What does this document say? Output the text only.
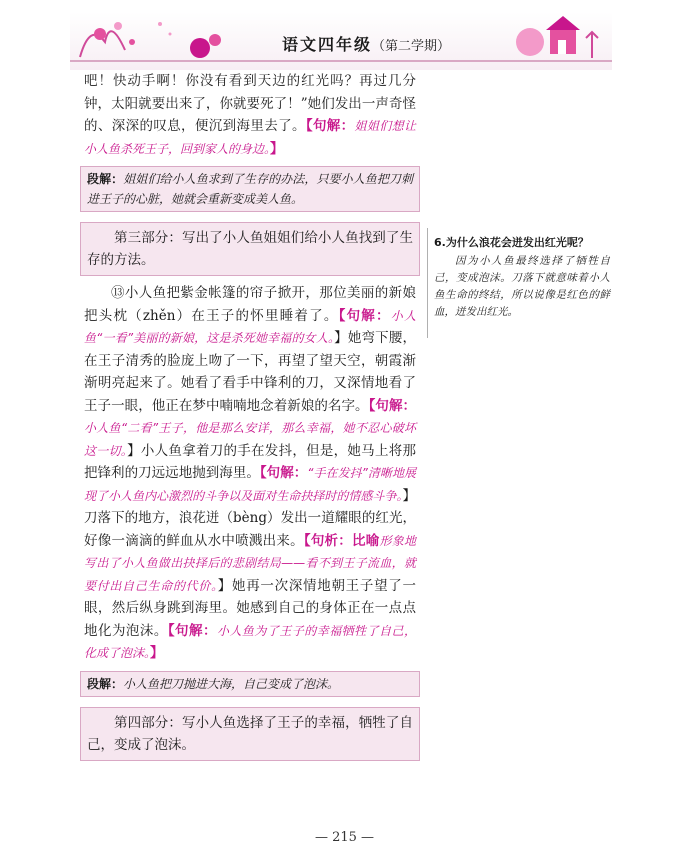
语文四年级（第二学期）

吧！快动手啊！你没有看到天边的红光吗？再过几分钟，太阳就要出来了，你就要死了！”她们发出一声奇怪的、深深的叹息，便沉到海里去了。【句解：姐姐们想让小人鱼杀死王子，回到家人的身边。】

段解：姐姐们给小人鱼求到了生存的办法，只要小人鱼把刀刺进王子的心脏，她就会重新变成美人鱼。
第三部分：写出了小人鱼姐姐们给小人鱼找到了生存的方法。

⑬小人鱼把紫金帐篷的帘子掀开，那位美丽的新娘把头枕（zhěn）在王子的怀里睡着了。【句解：小人鱼“一看”美丽的新娘，这是杀死她幸福的女人。】她弯下腰，在王子清秀的脸庞上吻了一下，再望了望天空，朝霞渐渐明亮起来了。她看了看手中锋利的刀，又深情地看了王子一眼，他正在梦中喃喃地念着新娘的名字。【句解：小人鱼“二看”王子，他是那么安详，那么幸福，她不忍心破坏这一切。】小人鱼拿着刀的手在发抖，但是，她马上将那把锋利的刀远远地抛到海里。【句解：“手在发抖”清晰地展现了小人鱼内心激烈的斗争以及面对生命抉择时的情感斗争。】刀落下的地方，浪花迸（bèng）发出一道耀眼的红光，好像一滴滴的鲜血从水中喷溅出来。【句析：比喻形象地写出了小人鱼做出抉择后的悲剧结局——看不到王子流血，就要付出自己生命的代价。】她再一次深情地朝王子望了一眼，然后纵身跳到海里。她感到自己的身体正在一点点地化为泡沫。【句解：小人鱼为了王子的幸福牺牲了自己，化成了泡沫。】

段解：小人鱼把刀抛进大海，自己变成了泡沫。
第四部分：写小人鱼选择了王子的幸福，牺牲了自己，变成了泡沫。

6.为什么浪花会迸发出红光呢？

因为小人鱼最终选择了牺牲自己，变成泡沫。刀落下就意味着小人鱼生命的终结，所以说像是红色的鲜血，迸发出红光。

— 215 —
